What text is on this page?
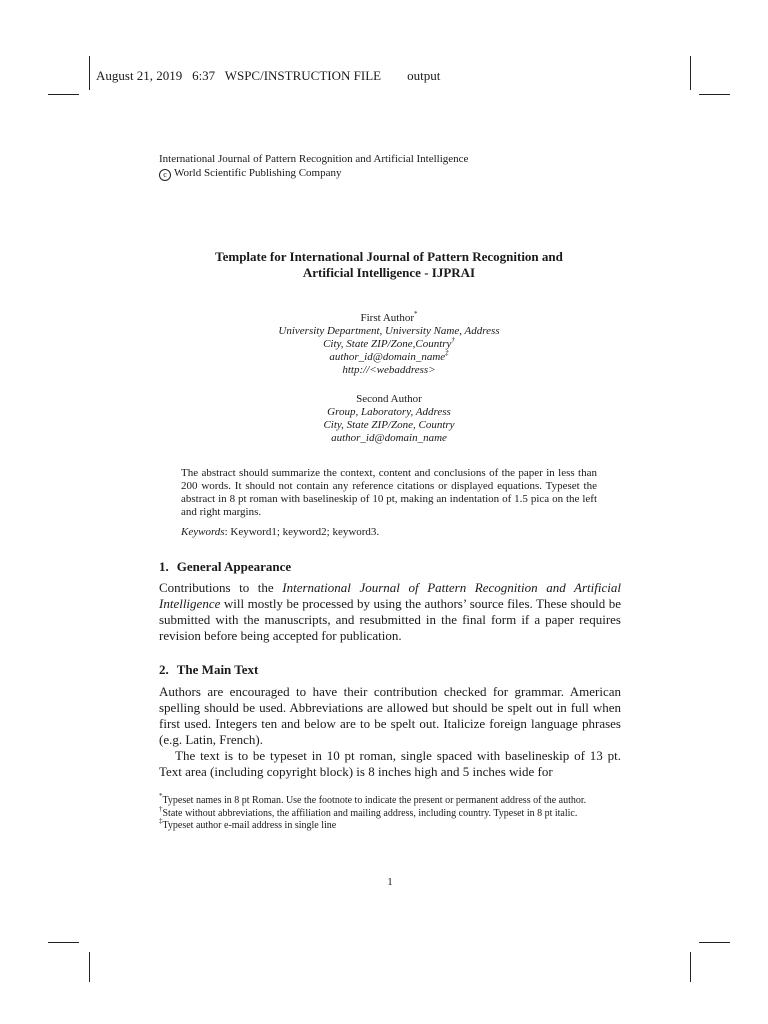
August 21, 2019 6:37 WSPC/INSTRUCTION FILE output
International Journal of Pattern Recognition and Artificial Intelligence
c World Scientific Publishing Company
Template for International Journal of Pattern Recognition and
Artificial Intelligence - IJPRAI
First Author*
University Department, University Name, Address
City, State ZIP/Zone,Country†
author_id@domain_name‡
http://<webaddress>
Second Author
Group, Laboratory, Address
City, State ZIP/Zone, Country
author_id@domain_name
The abstract should summarize the context, content and conclusions of the paper in less than 200 words. It should not contain any reference citations or displayed equations. Typeset the abstract in 8 pt roman with baselineskip of 10 pt, making an indentation of 1.5 pica on the left and right margins.
Keywords: Keyword1; keyword2; keyword3.
1. General Appearance

Contributions to the International Journal of Pattern Recognition and Artificial Intelligence will mostly be processed by using the authors’ source files. These should be submitted with the manuscripts, and resubmitted in the final form if a paper requires revision before being accepted for publication.

2. The Main Text

Authors are encouraged to have their contribution checked for grammar. American spelling should be used. Abbreviations are allowed but should be spelt out in full when first used. Integers ten and below are to be spelt out. Italicize foreign language phrases (e.g. Latin, French).

The text is to be typeset in 10 pt roman, single spaced with baselineskip of 13 pt. Text area (including copyright block) is 8 inches high and 5 inches wide for

*Typeset names in 8 pt Roman. Use the footnote to indicate the present or permanent address of the author.

†State without abbreviations, the affiliation and mailing address, including country. Typeset in 8 pt italic.

‡Typeset author e-mail address in single line

1
